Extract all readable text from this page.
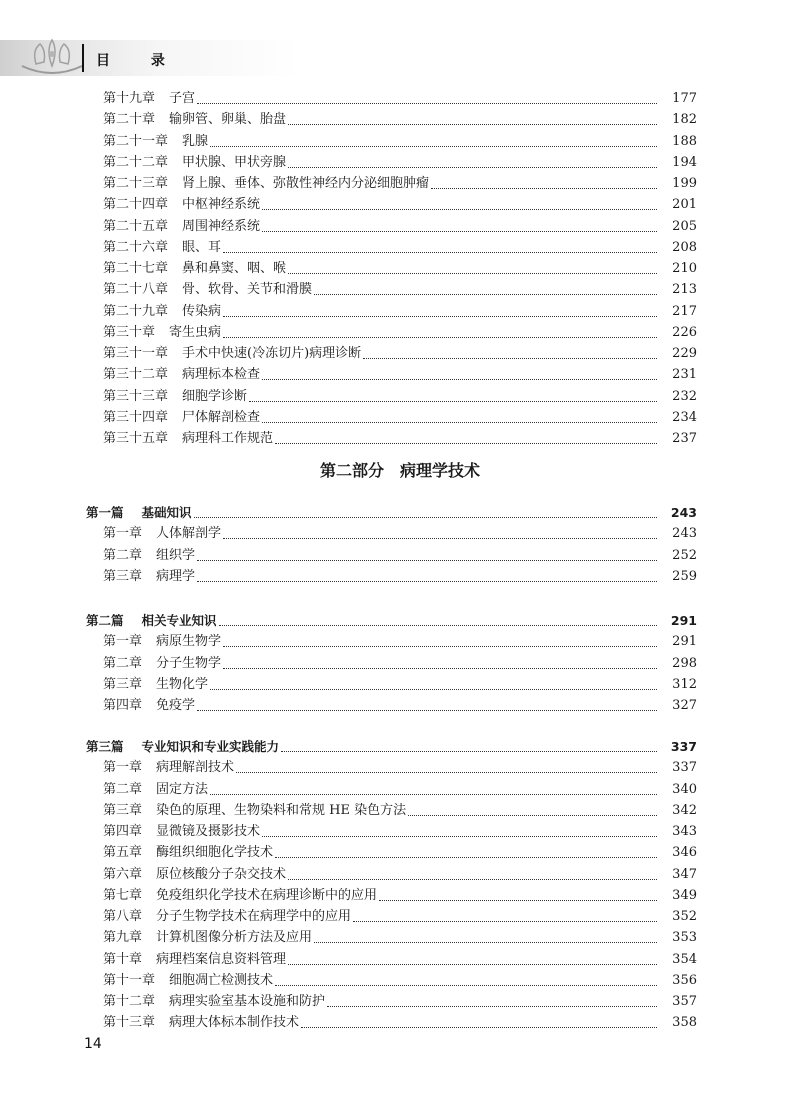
目 录
第十九章 子宫	177
第二十章 输卵管、卵巢、胎盘	182
第二十一章 乳腺	188
第二十二章 甲状腺、甲状旁腺	194
第二十三章 肾上腺、垂体、弥散性神经内分泌细胞肿瘤	199
第二十四章 中枢神经系统	201
第二十五章 周围神经系统	205
第二十六章 眼、耳	208
第二十七章 鼻和鼻窦、咽、喉	210
第二十八章 骨、软骨、关节和滑膜	213
第二十九章 传染病	217
第三十章 寄生虫病	226
第三十一章 手术中快速(冷冻切片)病理诊断	229
第三十二章 病理标本检查	231
第三十三章 细胞学诊断	232
第三十四章 尸体解剖检查	234
第三十五章 病理科工作规范	237
第二部分　病理学技术
第一篇 基础知识	243
第一章 人体解剖学	243
第二章 组织学	252
第三章 病理学	259
第二篇 相关专业知识	291
第一章 病原生物学	291
第二章 分子生物学	298
第三章 生物化学	312
第四章 免疫学	327
第三篇 专业知识和专业实践能力	337
第一章 病理解剖技术	337
第二章 固定方法	340
第三章 染色的原理、生物染料和常规 HE 染色方法	342
第四章 显微镜及摄影技术	343
第五章 酶组织细胞化学技术	346
第六章 原位核酸分子杂交技术	347
第七章 免疫组织化学技术在病理诊断中的应用	349
第八章 分子生物学技术在病理学中的应用	352
第九章 计算机图像分析方法及应用	353
第十章 病理档案信息资料管理	354
第十一章 细胞凋亡检测技术	356
第十二章 病理实验室基本设施和防护	357
第十三章 病理大体标本制作技术	358
14
